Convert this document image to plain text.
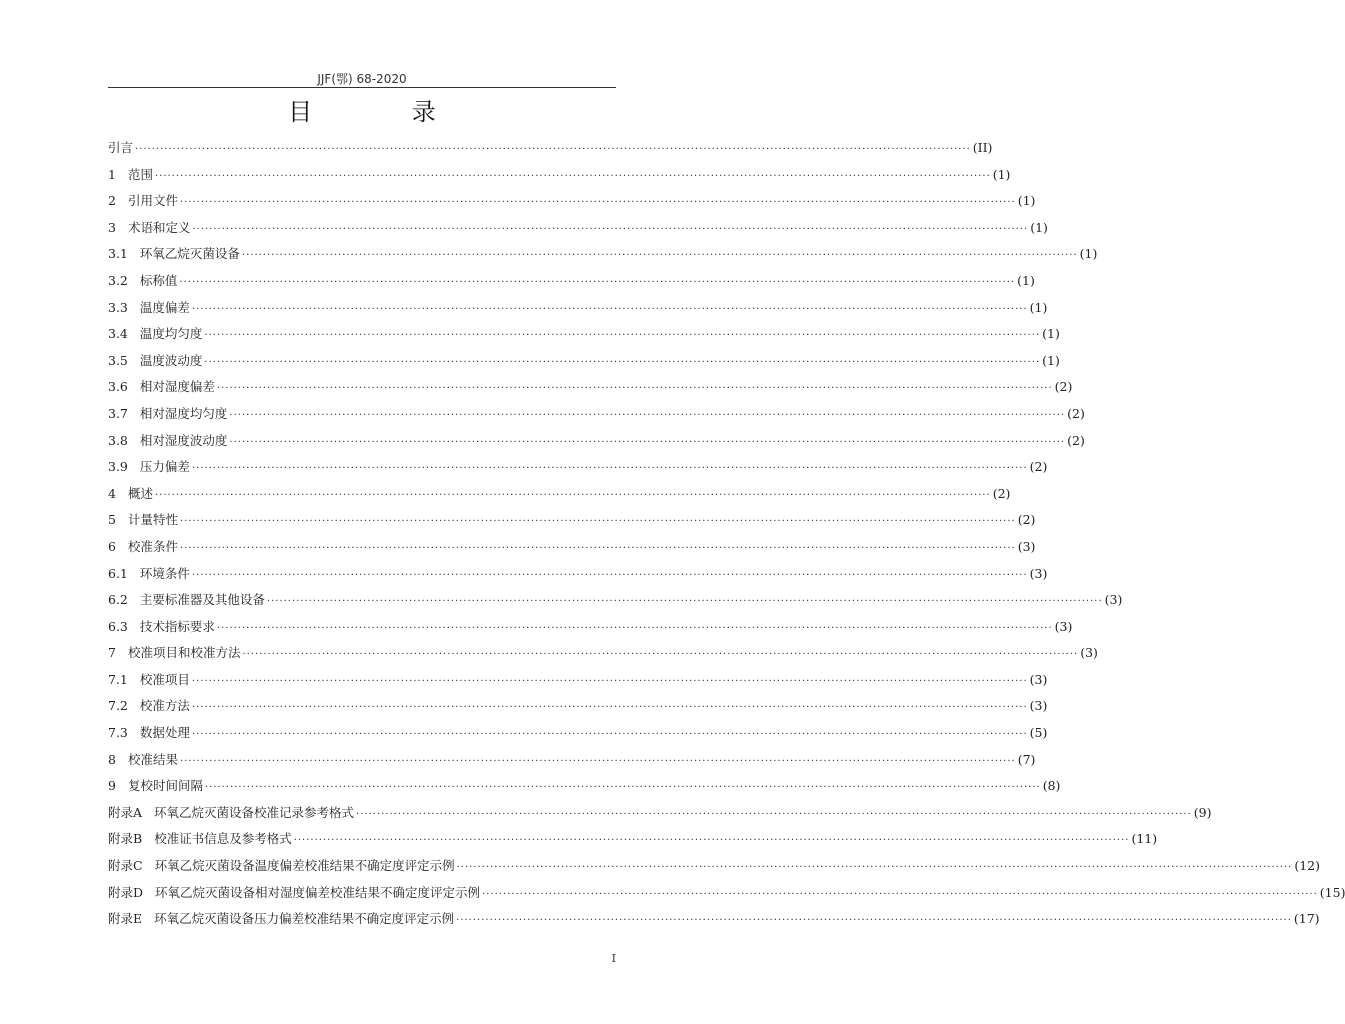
JJF(鄂) 68-2020
目 录
引言 ········································································································································································································ (II)
1 范围 ········································································································································································································ (1)
2 引用文件 ········································································································································································································ (1)
3 术语和定义 ········································································································································································································ (1)
3.1 环氧乙烷灭菌设备 ········································································································································································································ (1)
3.2 标称值 ········································································································································································································ (1)
3.3 温度偏差 ········································································································································································································ (1)
3.4 温度均匀度 ········································································································································································································ (1)
3.5 温度波动度 ········································································································································································································ (1)
3.6 相对湿度偏差 ········································································································································································································ (2)
3.7 相对湿度均匀度 ········································································································································································································ (2)
3.8 相对湿度波动度 ········································································································································································································ (2)
3.9 压力偏差 ········································································································································································································ (2)
4 概述 ········································································································································································································ (2)
5 计量特性 ········································································································································································································ (2)
6 校准条件 ········································································································································································································ (3)
6.1 环境条件 ········································································································································································································ (3)
6.2 主要标准器及其他设备 ········································································································································································································ (3)
6.3 技术指标要求 ········································································································································································································ (3)
7 校准项目和校准方法 ········································································································································································································ (3)
7.1 校准项目 ········································································································································································································ (3)
7.2 校准方法 ········································································································································································································ (3)
7.3 数据处理 ········································································································································································································ (5)
8 校准结果 ········································································································································································································ (7)
9 复校时间间隔 ········································································································································································································ (8)
附录A 环氧乙烷灭菌设备校准记录参考格式 ········································································································································································································ (9)
附录B 校准证书信息及参考格式 ········································································································································································································ (11)
附录C 环氧乙烷灭菌设备温度偏差校准结果不确定度评定示例 ········································································································································································································ (12)
附录D 环氧乙烷灭菌设备相对湿度偏差校准结果不确定度评定示例 ········································································································································································································ (15)
附录E 环氧乙烷灭菌设备压力偏差校准结果不确定度评定示例 ········································································································································································································ (17)
I
